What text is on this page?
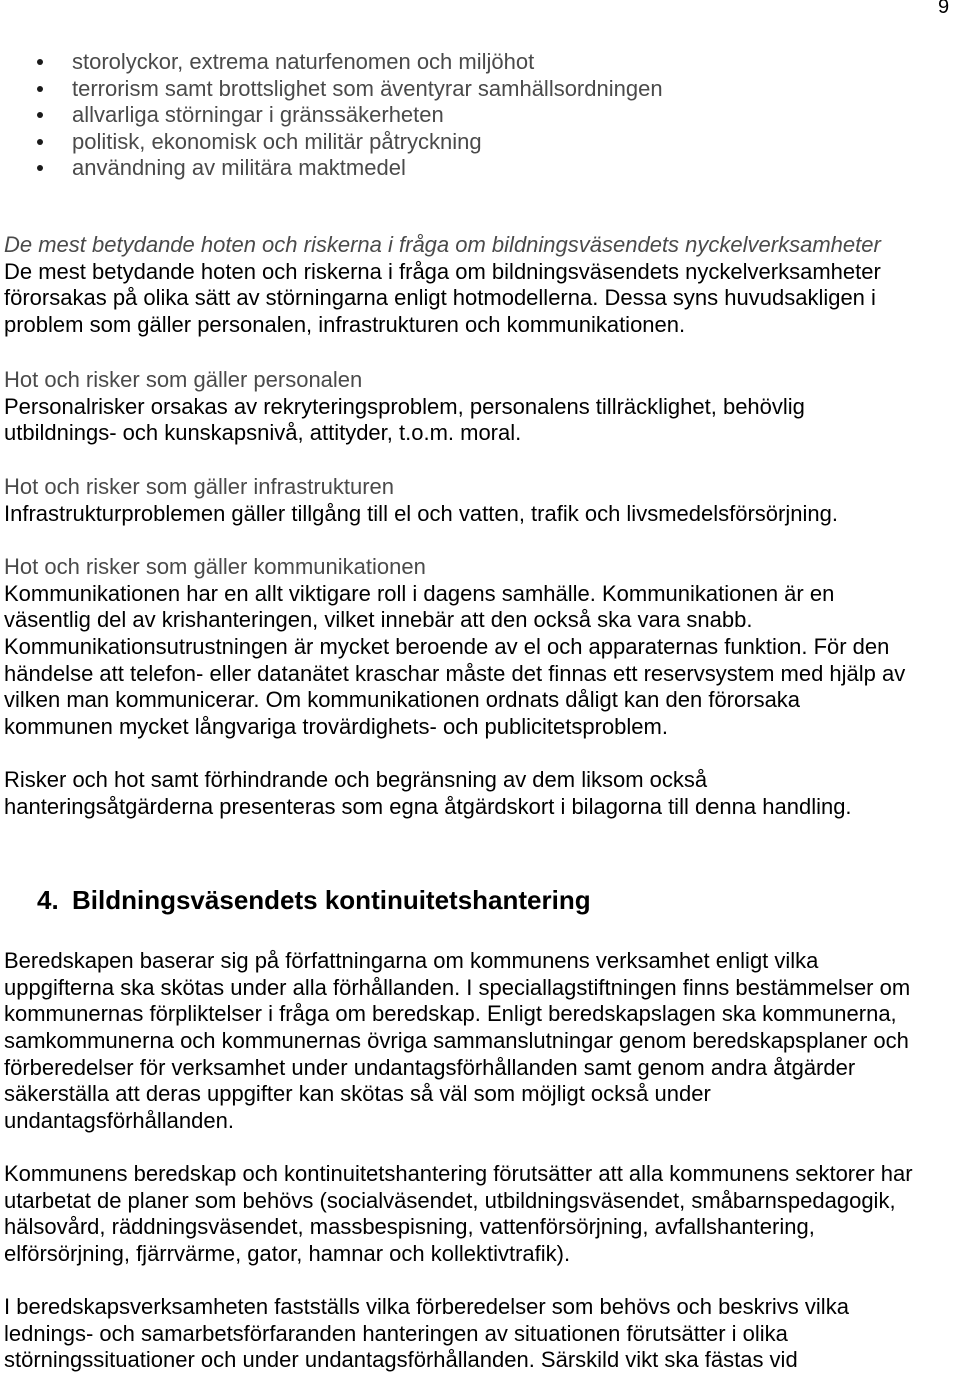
9
storolyckor, extrema naturfenomen och miljöhot
terrorism samt brottslighet som äventyrar samhällsordningen
allvarliga störningar i gränssäkerheten
politisk, ekonomisk och militär påtryckning
användning av militära maktmedel
De mest betydande hoten och riskerna i fråga om bildningsväsendets nyckelverksamheter
De mest betydande hoten och riskerna i fråga om bildningsväsendets nyckelverksamheter
förorsakas på olika sätt av störningarna enligt hotmodellerna. Dessa syns huvudsakligen i
problem som gäller personalen, infrastrukturen och kommunikationen.
Hot och risker som gäller personalen
Personalrisker orsakas av rekryteringsproblem, personalens tillräcklighet, behövlig
utbildnings- och kunskapsnivå, attityder, t.o.m. moral.
Hot och risker som gäller infrastrukturen
Infrastrukturproblemen gäller tillgång till el och vatten, trafik och livsmedelsförsörjning.
Hot och risker som gäller kommunikationen
Kommunikationen har en allt viktigare roll i dagens samhälle. Kommunikationen är en
väsentlig del av krishanteringen, vilket innebär att den också ska vara snabb.
Kommunikationsutrustningen är mycket beroende av el och apparaternas funktion. För den
händelse att telefon- eller datanätet kraschar måste det finnas ett reservsystem med hjälp av
vilken man kommunicerar. Om kommunikationen ordnats dåligt kan den förorsaka
kommunen mycket långvariga trovärdighets- och publicitetsproblem.
Risker och hot samt förhindrande och begränsning av dem liksom också
hanteringsåtgärderna presenteras som egna åtgärdskort i bilagorna till denna handling.
4. Bildningsväsendets kontinuitetshantering
Beredskapen baserar sig på författningarna om kommunens verksamhet enligt vilka
uppgifterna ska skötas under alla förhållanden. I speciallagstiftningen finns bestämmelser om
kommunernas förpliktelser i fråga om beredskap. Enligt beredskapslagen ska kommunerna,
samkommunerna och kommunernas övriga sammanslutningar genom beredskapsplaner och
förberedelser för verksamhet under undantagsförhållanden samt genom andra åtgärder
säkerställa att deras uppgifter kan skötas så väl som möjligt också under
undantagsförhållanden.
Kommunens beredskap och kontinuitetshantering förutsätter att alla kommunens sektorer har
utarbetat de planer som behövs (socialväsendet, utbildningsväsendet, småbarnspedagogik,
hälsovård, räddningsväsendet, massbespisning, vattenförsörjning, avfallshantering,
elförsörjning, fjärrvärme, gator, hamnar och kollektivtrafik).
I beredskapsverksamheten fastställs vilka förberedelser som behövs och beskrivs vilka
lednings- och samarbetsförfaranden hanteringen av situationen förutsätter i olika
störningssituationer och under undantagsförhållanden. Särskild vikt ska fästas vid
